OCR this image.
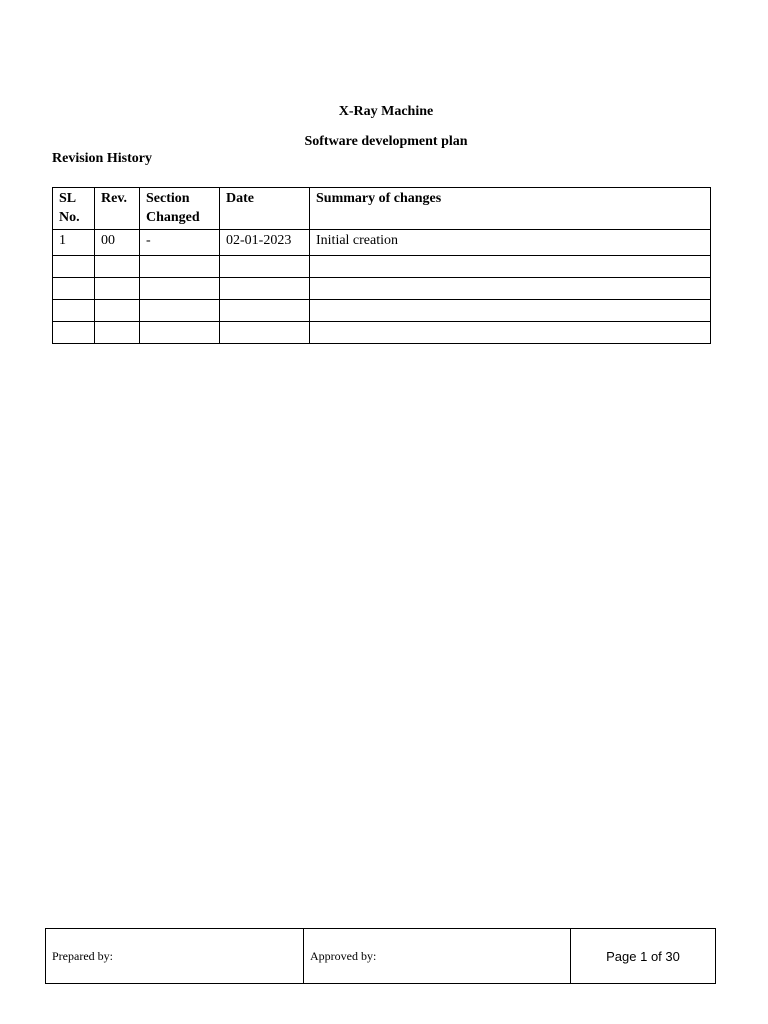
X-Ray Machine
Software development plan
Revision History
SL No.	Rev.	Section Changed	Date	Summary of changes
1	00	-	02-01-2023	Initial creation

Prepared by:	Approved by:	Page 1 of 30
